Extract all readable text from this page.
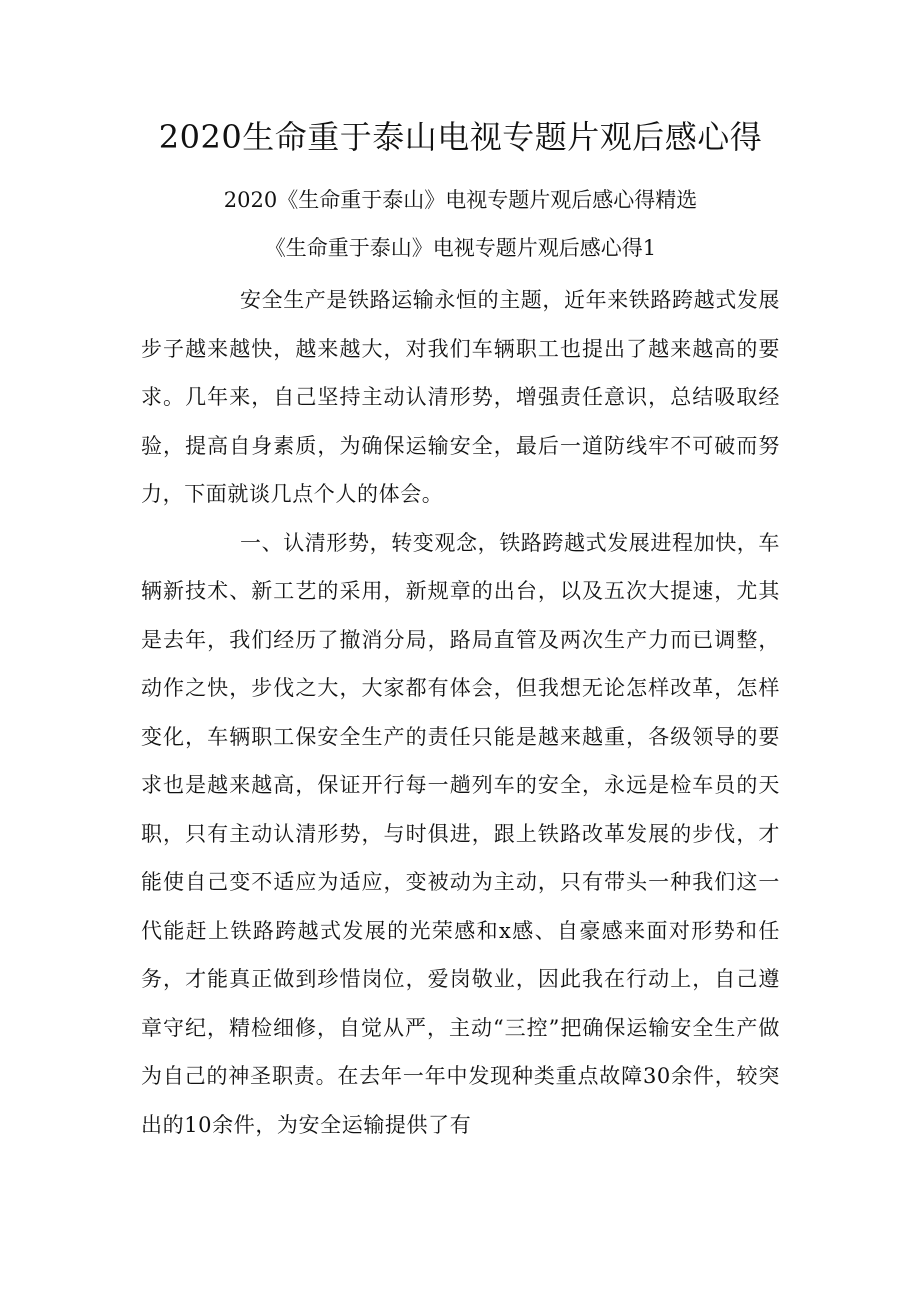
2020生命重于泰山电视专题片观后感心得
2020《生命重于泰山》电视专题片观后感心得精选
《生命重于泰山》电视专题片观后感心得1

安全生产是铁路运输永恒的主题，近年来铁路跨越式发展步子越来越快，越来越大，对我们车辆职工也提出了越来越高的要求。几年来，自己坚持主动认清形势，增强责任意识，总结吸取经验，提高自身素质，为确保运输安全，最后一道防线牢不可破而努力，下面就谈几点个人的体会。

一、认清形势，转变观念，铁路跨越式发展进程加快，车辆新技术、新工艺的采用，新规章的出台，以及五次大提速，尤其是去年，我们经历了撤消分局，路局直管及两次生产力而已调整，动作之快，步伐之大，大家都有体会，但我想无论怎样改革，怎样变化，车辆职工保安全生产的责任只能是越来越重，各级领导的要求也是越来越高，保证开行每一趟列车的安全，永远是检车员的天职，只有主动认清形势，与时俱进，跟上铁路改革发展的步伐，才能使自己变不适应为适应，变被动为主动，只有带头一种我们这一代能赶上铁路跨越式发展的光荣感和x感、自豪感来面对形势和任务，才能真正做到珍惜岗位，爱岗敬业，因此我在行动上，自己遵章守纪，精检细修，自觉从严，主动“三控”把确保运输安全生产做为自己的神圣职责。在去年一年中发现种类重点故障30余件，较突出的10余件，为安全运输提供了有
